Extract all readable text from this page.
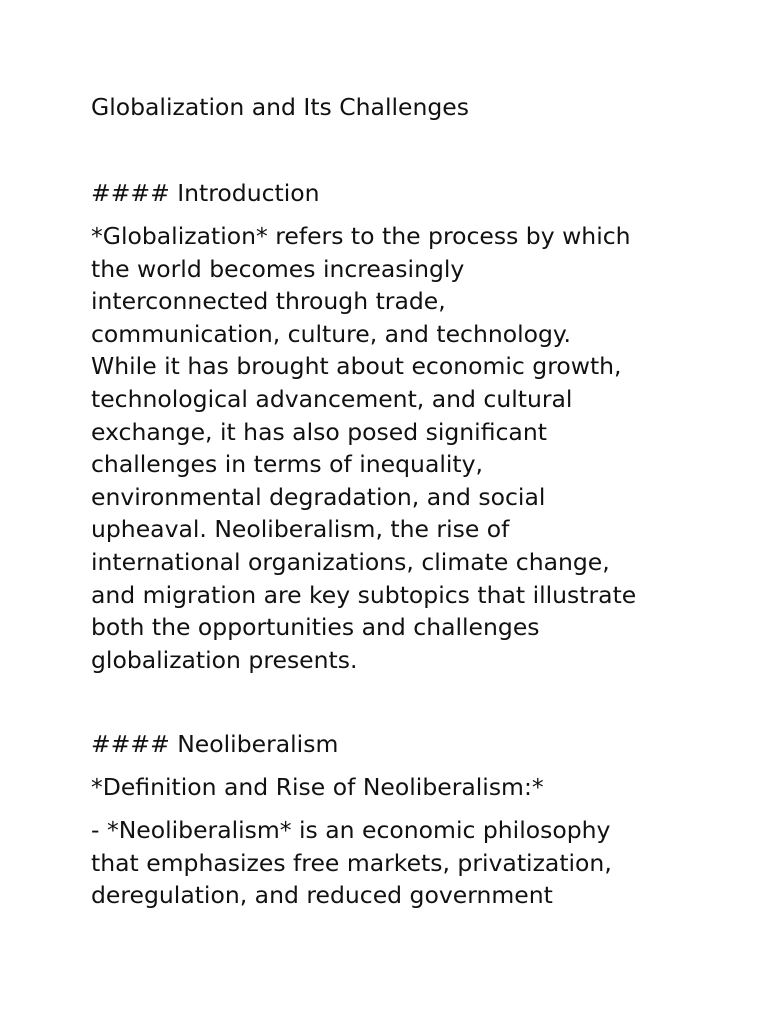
Globalization and Its Challenges
#### Introduction

*Globalization* refers to the process by which
the world becomes increasingly
interconnected through trade,
communication, culture, and technology.
While it has brought about economic growth,
technological advancement, and cultural
exchange, it has also posed significant
challenges in terms of inequality,
environmental degradation, and social
upheaval. Neoliberalism, the rise of
international organizations, climate change,
and migration are key subtopics that illustrate
both the opportunities and challenges
globalization presents.

#### Neoliberalism

*Definition and Rise of Neoliberalism:*

- *Neoliberalism* is an economic philosophy
that emphasizes free markets, privatization,
deregulation, and reduced government
